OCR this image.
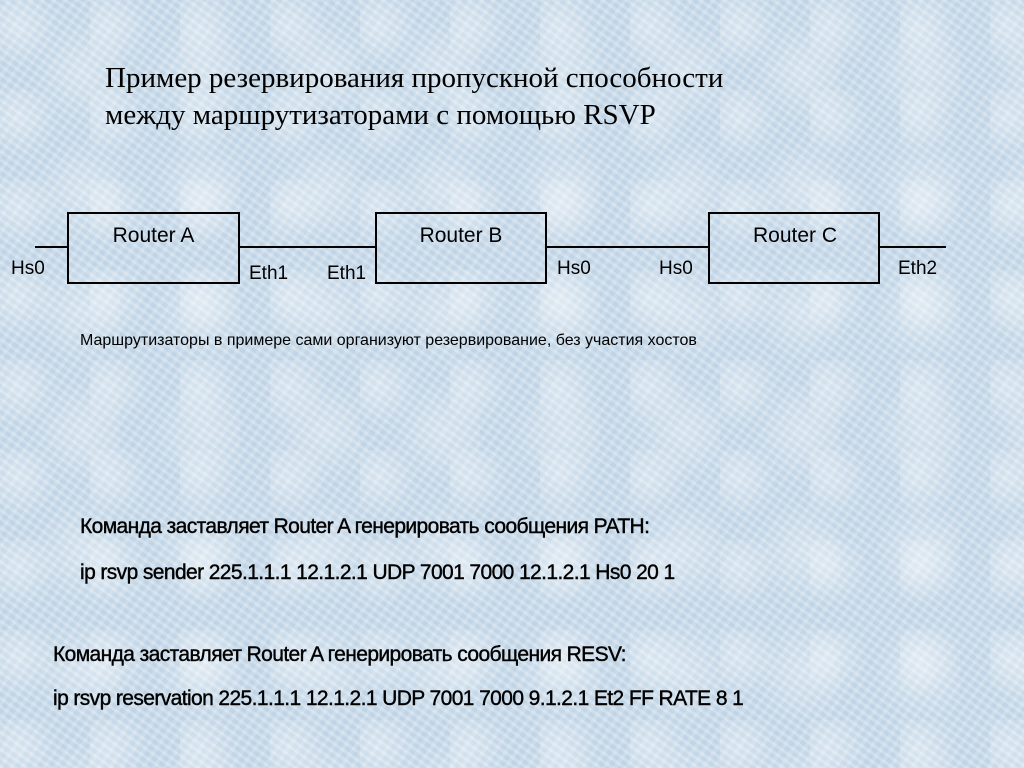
Пример резервирования пропускной способности
между маршрутизаторами с помощью RSVP
Router A	Router B	Router C
Hs0	Eth1 Eth1	Hs0	Hs0	Eth2
Маршрутизаторы в примере сами организуют резервирование, без участия хостов
Команда заставляет Router A генерировать сообщения PATH:
ip rsvp sender 225.1.1.1 12.1.2.1 UDP 7001 7000 12.1.2.1 Hs0 20 1
Команда заставляет Router A генерировать сообщения RESV:
ip rsvp reservation 225.1.1.1 12.1.2.1 UDP 7001 7000 9.1.2.1 Et2 FF RATE 8 1
